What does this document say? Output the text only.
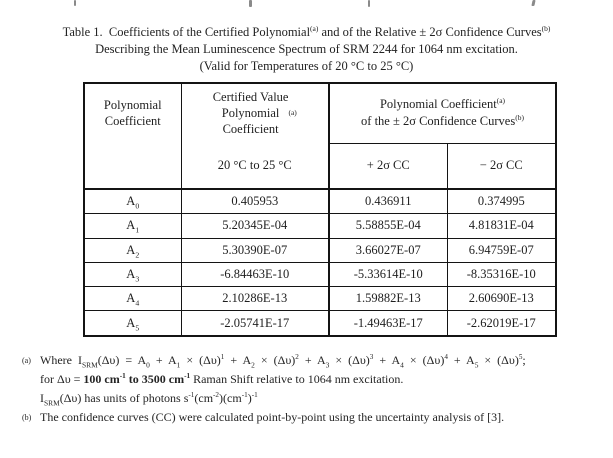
Table 1.  Coefficients of the Certified Polynomial$^{(a)}$ and of the Relative ± 2σ Confidence Curves$^{(b)}$
Describing the Mean Luminescence Spectrum of SRM 2244 for 1064 nm excitation.
(Valid for Temperatures of 20 °C to 25 °C)
Polynomial
Coefficient

Certified Value
Polynomial
Coefficient
(a)
20 °C to 25 °C
	Polynomial Coefficient$^{(a)}$
of the ± 2σ Confidence Curves$^{(b)}$
		+ 2σ CC	− 2σ CC
$A_0$	0.405953	0.436911	0.374995
$A_1$	5.20345E-04	5.58855E-04	4.81831E-04
$A_2$	5.30390E-07	3.66027E-07	6.94759E-07
$A_3$	-6.84463E-10	-5.33614E-10	-8.35316E-10
$A_4$	2.10286E-13	1.59882E-13	2.60690E-13
$A_5$	-2.05741E-17	-1.49463E-17	-2.62019E-17
(a) Where $I_{SRM}(\Delta\upsilon) = A_0 + A_1 \times (\Delta\upsilon)^1 + A_2 \times (\Delta\upsilon)^2 + A_3 \times (\Delta\upsilon)^3 + A_4 \times (\Delta\upsilon)^4 + A_5 \times (\Delta\upsilon)^5$;
for Δυ = 100 $cm^{-1}$ to 3500 $cm^{-1}$ Raman Shift relative to 1064 nm excitation.
$I_{SRM}(\Delta\upsilon)$ has units of photons $s^{-1}(cm^{-2})(cm^{-1})^{-1}$
(b) The confidence curves (CC) were calculated point-by-point using the uncertainty analysis of [3].
